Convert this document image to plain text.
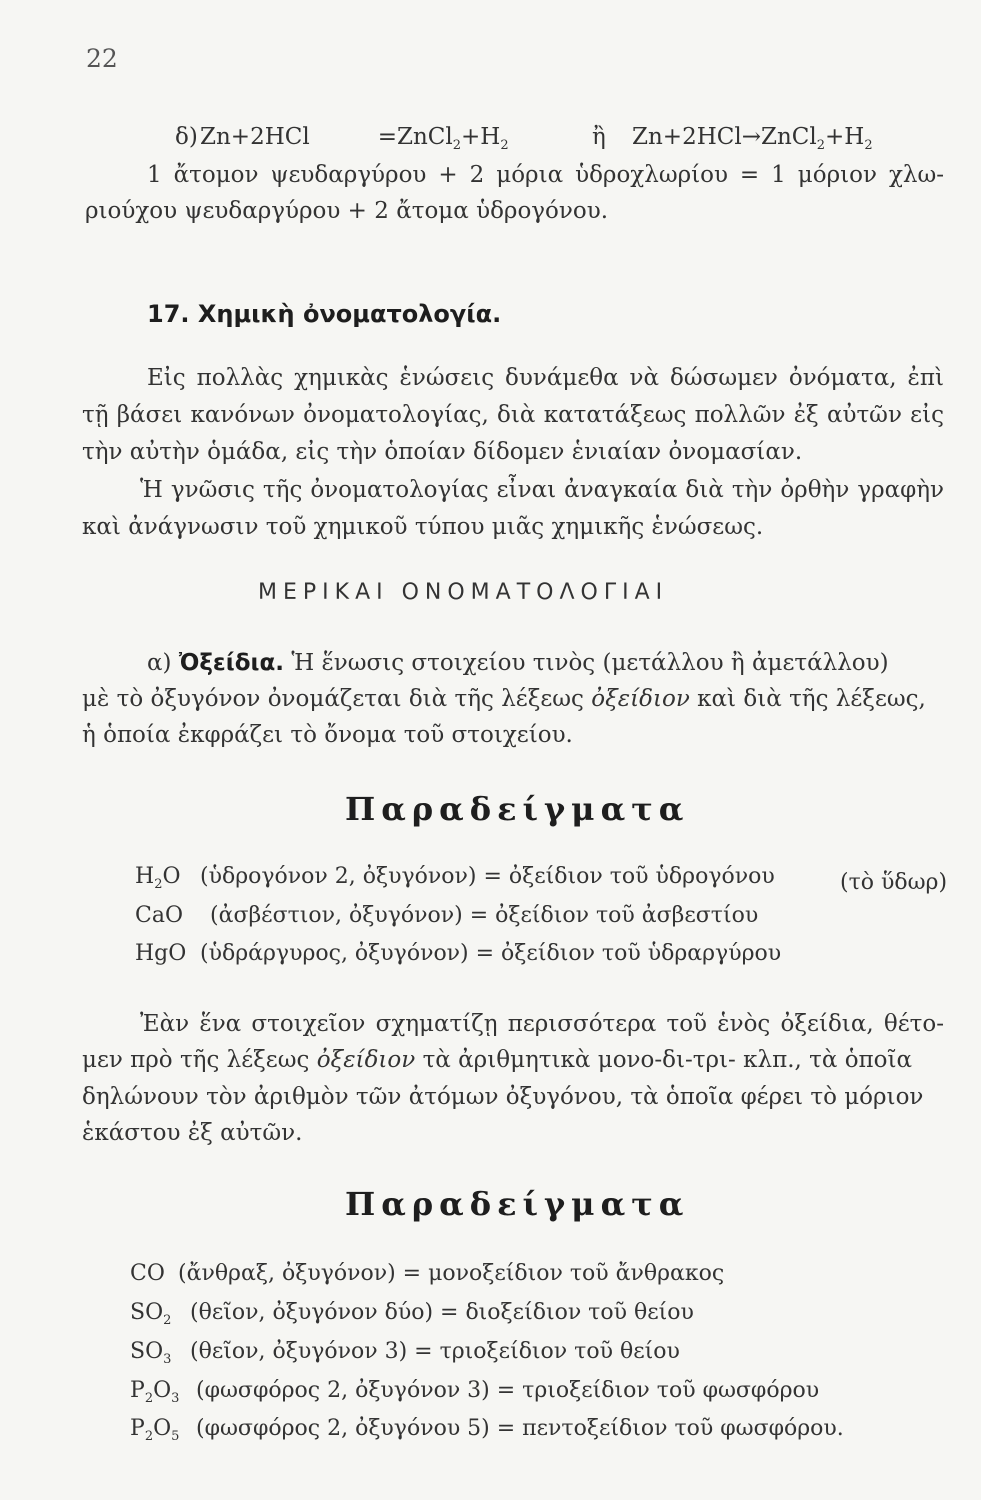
22
δ) Zn+2HCl	$=ZnCl_2+H_2$	ἢ $Zn+2HCl\to ZnCl_2+H_2$
1 ἄτομον ψευδαργύρου + 2 μόρια ὑδροχλωρίου = 1 μόριον χλω-
ριούχου ψευδαργύρου + 2 ἄτομα ὑδρογόνου.
17. Χημικὴ ὀνοματολογία.
Εἰς πολλὰς χημικὰς ἑνώσεις δυνάμεθα νὰ δώσωμεν ὀνόματα, ἐπὶ
τῇ βάσει κανόνων ὀνοματολογίας, διὰ κατατάξεως πολλῶν ἐξ αὐτῶν εἰς
τὴν αὐτὴν ὁμάδα, εἰς τὴν ὁποίαν δίδομεν ἑνιαίαν ὀνομασίαν.
Ἡ γνῶσις τῆς ὀνοματολογίας εἶναι ἀναγκαία διὰ τὴν ὀρθὴν γραφὴν
καὶ ἀνάγνωσιν τοῦ χημικοῦ τύπου μιᾶς χημικῆς ἑνώσεως.
ΜΕΡΙΚΑΙ ΟΝΟΜΑΤΟΛΟΓΙΑΙ
α) Ὀξείδια. Ἡ ἕνωσις στοιχείου τινὸς (μετάλλου ἢ ἀμετάλλου)
μὲ τὸ ὀξυγόνον ὀνομάζεται διὰ τῆς λέξεως ὀξείδιον καὶ διὰ τῆς λέξεως,
ἡ ὁποία ἐκφράζει τὸ ὄνομα τοῦ στοιχείου.
Παραδείγματα
$H_2O$ (ὑδρογόνον 2, ὀξυγόνον) = ὀξείδιον τοῦ ὑδρογόνου	(τὸ ὕδωρ)
CaO (ἀσβέστιον, ὀξυγόνον) = ὀξείδιον τοῦ ἀσβεστίου
HgO (ὑδράργυρος, ὀξυγόνον) = ὀξείδιον τοῦ ὑδραργύρου
Ἐὰν ἕνα στοιχεῖον σχηματίζῃ περισσότερα τοῦ ἑνὸς ὀξείδια, θέτο-
μεν πρὸ τῆς λέξεως ὀξείδιον τὰ ἀριθμητικὰ μονο-δι-τρι- κλπ., τὰ ὁποῖα
δηλώνουν τὸν ἀριθμὸν τῶν ἀτόμων ὀξυγόνου, τὰ ὁποῖα φέρει τὸ μόριον
ἑκάστου ἐξ αὐτῶν.
Παραδείγματα
CO (ἄνθραξ, ὀξυγόνον) = μονοξείδιον τοῦ ἄνθρακος
$SO_2$ (θεῖον, ὀξυγόνον δύο) = διοξείδιον τοῦ θείου
$SO_3$ (θεῖον, ὀξυγόνον 3) = τριοξείδιον τοῦ θείου
$P_2O_3$ (φωσφόρος 2, ὀξυγόνον 3) = τριοξείδιον τοῦ φωσφόρου
$P_2O_5$ (φωσφόρος 2, ὀξυγόνου 5) = πεντοξείδιον τοῦ φωσφόρου.
